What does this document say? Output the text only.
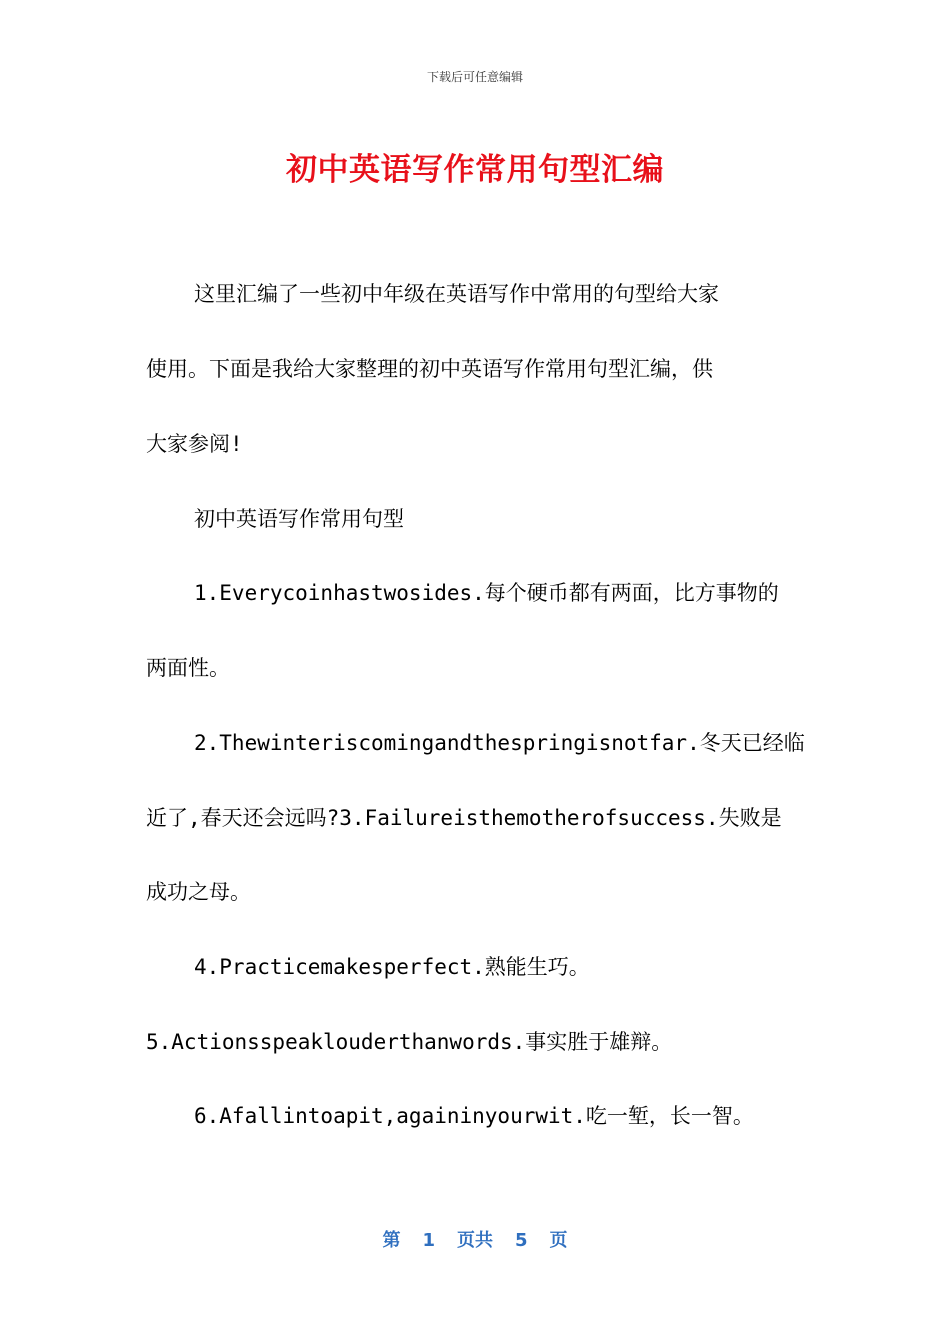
下载后可任意编辑
初中英语写作常用句型汇编

这里汇编了一些初中年级在英语写作中常用的句型给大家

使用。下面是我给大家整理的初中英语写作常用句型汇编，供

大家参阅!

初中英语写作常用句型

1.Everycoinhastwosides.每个硬币都有两面，比方事物的

两面性。

2.Thewinteriscomingandthespringisnotfar.冬天已经临

近了,春天还会远吗?3.Failureisthemotherofsuccess.失败是

成功之母。

4.Practicemakesperfect.熟能生巧。

5.Actionsspeaklouderthanwords.事实胜于雄辩。

6.Afallintoapit,againinyourwit.吃一堑，长一智。

第 1 页共 5 页
